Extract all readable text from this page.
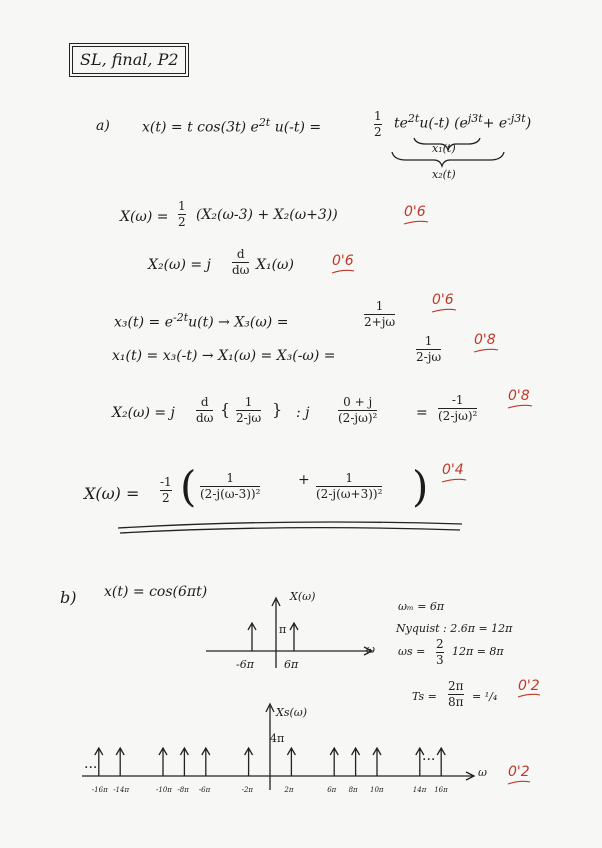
SL, final, P2
a) x(t) = t cos(3t) $e^{2t}$ u(-t) =
1
2
$te^{2t}u(-t)$ $(e^{j3t}+ e^{-j3t})$
x₁(t)
x₂(t)
X(ω) =
1
2 (X₂(ω-3) + X₂(ω+3))	0'6
X₂(ω) = j
d
dω X₁(ω)	0'6
$x_3(t) = e^{-2t}u(t) \to X_3(\omega)$ =
1
2+jω
0'6
x₁(t) = x₃(-t) → X₁(ω) = X₃(-ω) =
1
2-jω
0'8
X₂(ω) = j
d
dω { 1
2-jω } : j
0 + j
(2-jω)²	=
-1
(2-jω)²
0'8
X(ω) =
-1
2 (	1
(2-j(ω-3))²
+	1
(2-j(ω+3))² ) 0'4
b) x(t) = cos(6πt)	X(ω)
π
-6π	6π
ω
ωₘ = 6π
Nyquist : 2.6π = 12π
ωs =
2
3
12π = 8π
Ts =
2π
8π = ¹/₄
0'2
Xs(ω)
4π
...	...
ω 0'2
-16π -14π	-10π -8π -6π	-2π	2π	6π 8π 10π	14π 16π
